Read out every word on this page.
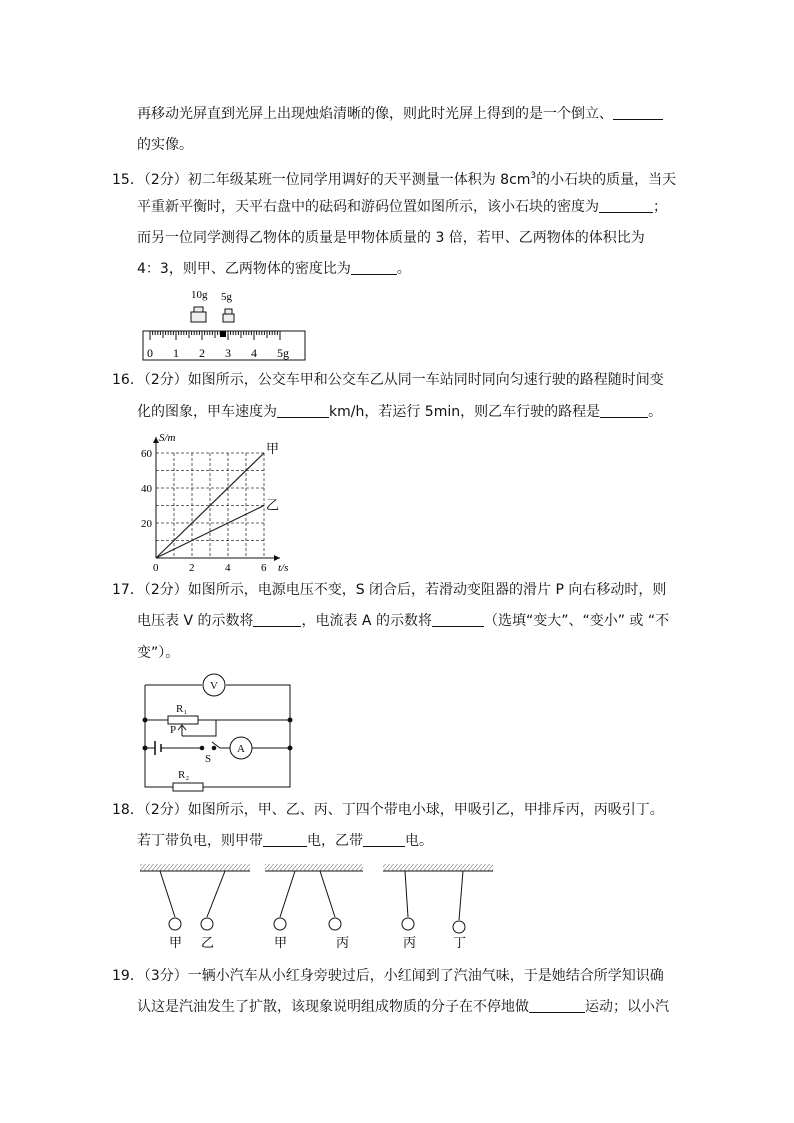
再移动光屏直到光屏上出现烛焰清晰的像，则此时光屏上得到的是一个倒立、
的实像。
15．（2分）初二年级某班一位同学用调好的天平测量一体积为 $8cm^3$的小石块的质量，当天
平重新平衡时，天平右盘中的砝码和游码位置如图所示，该小石块的密度为	；
而另一位同学测得乙物体的质量是甲物体质量的 3 倍，若甲、乙两物体的体积比为
4：3，则甲、乙两物体的密度比为	。
10g 5g
0 1 2 3 4 5g
16．（2分）如图所示，公交车甲和公交车乙从同一车站同时同向匀速行驶的路程随时间变
化的图象，甲车速度为	km/h，若运行 5min，则乙车行驶的路程是	。
0	2	4	6
20
40
60
S/m
t/s
甲
乙
17．（2分）如图所示，电源电压不变，S 闭合后，若滑动变阻器的滑片 P 向右移动时，则
电压表 V 的示数将	，电流表 A 的示数将	（选填“变大”、“变小” 或 “不
变”）。
V
R₁
P
S
A
R₂
18．（2分）如图所示，甲、乙、丙、丁四个带电小球，甲吸引乙，甲排斥丙，丙吸引丁。
若丁带负电，则甲带	电，乙带	电。
甲 乙	甲	丙	丙	丁
19．（3分）一辆小汽车从小红身旁驶过后，小红闻到了汽油气味，于是她结合所学知识确
认这是汽油发生了扩散，该现象说明组成物质的分子在不停地做	运动；以小汽
